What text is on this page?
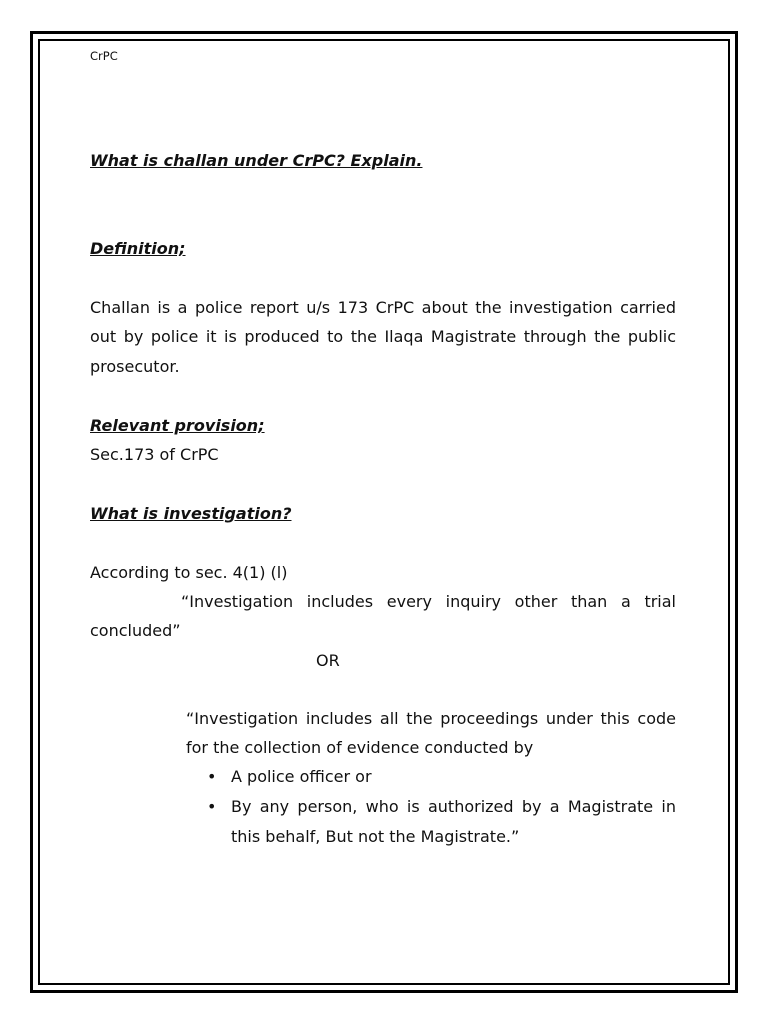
CrPC
What is challan under CrPC? Explain.
Definition;
Challan is a police report u/s 173 CrPC about the investigation carried
out by police it is produced to the Ilaqa Magistrate through the public
prosecutor.
Relevant provision;
Sec.173 of CrPC
What is investigation?
According to sec. 4(1) (l)
“Investigation includes every inquiry other than a trial
concluded”
OR
“Investigation includes all the proceedings under this code
for the collection of evidence conducted by
• A police officer or
• By any person, who is authorized by a Magistrate in
this behalf, But not the Magistrate.”
